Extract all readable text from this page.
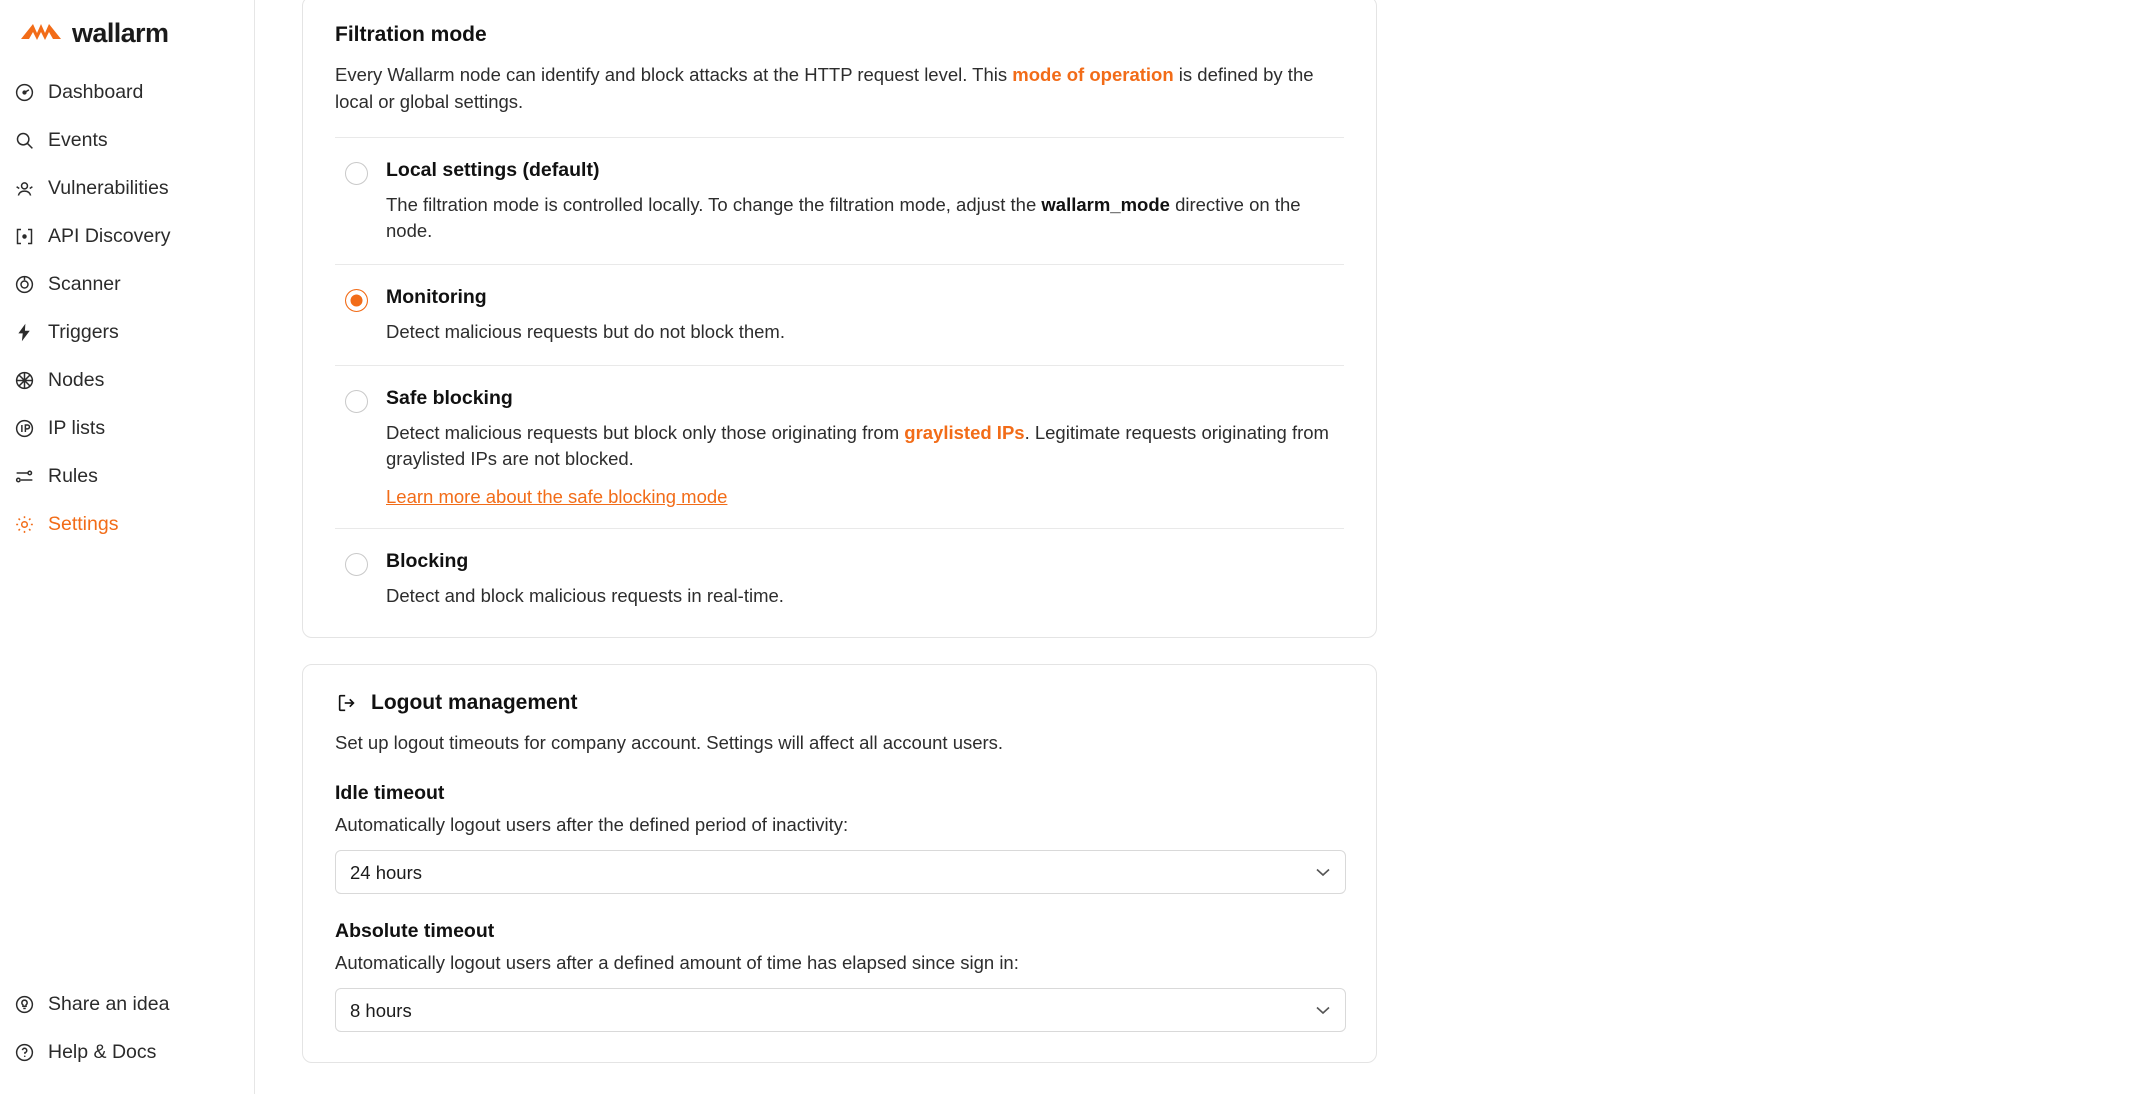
wallarm
Dashboard
Events
Vulnerabilities
API Discovery
Scanner
Triggers
Nodes
IP lists
Rules
Settings
Share an idea
Help & Docs
Filtration mode
Every Wallarm node can identify and block attacks at the HTTP request level. This mode of operation is defined by the local or global settings.
Local settings (default)
The filtration mode is controlled locally. To change the filtration mode, adjust the wallarm_mode directive on the node.
Monitoring
Detect malicious requests but do not block them.
Safe blocking
Detect malicious requests but block only those originating from graylisted IPs. Legitimate requests originating from graylisted IPs are not blocked.
Learn more about the safe blocking mode
Blocking
Detect and block malicious requests in real-time.
Logout management
Set up logout timeouts for company account. Settings will affect all account users.
Idle timeout
Automatically logout users after the defined period of inactivity:
24 hours
Absolute timeout
Automatically logout users after a defined amount of time has elapsed since sign in:
8 hours
